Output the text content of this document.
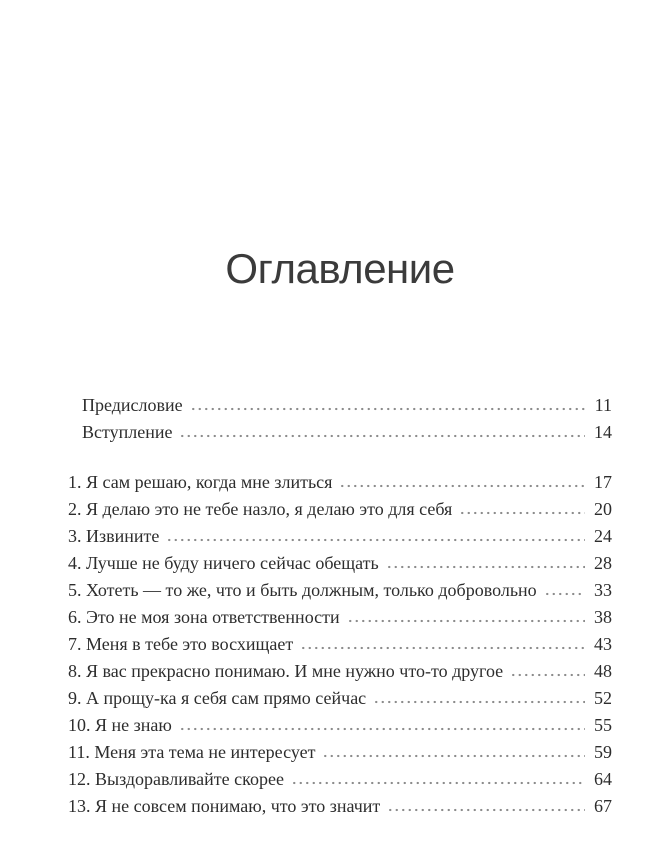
Оглавление
Предисловие	11
Вступление	14
1. Я сам решаю, когда мне злиться	17
2. Я делаю это не тебе назло, я делаю это для себя	20
3. Извините	24
4. Лучше не буду ничего сейчас обещать	28
5. Хотеть — то же, что и быть должным, только добровольно	33
6. Это не моя зона ответственности	38
7. Меня в тебе это восхищает	43
8. Я вас прекрасно понимаю. И мне нужно что-то другое	48
9. А прощу-ка я себя сам прямо сейчас	52
10. Я не знаю	55
11. Меня эта тема не интересует	59
12. Выздоравливайте скорее	64
13. Я не совсем понимаю, что это значит	67
